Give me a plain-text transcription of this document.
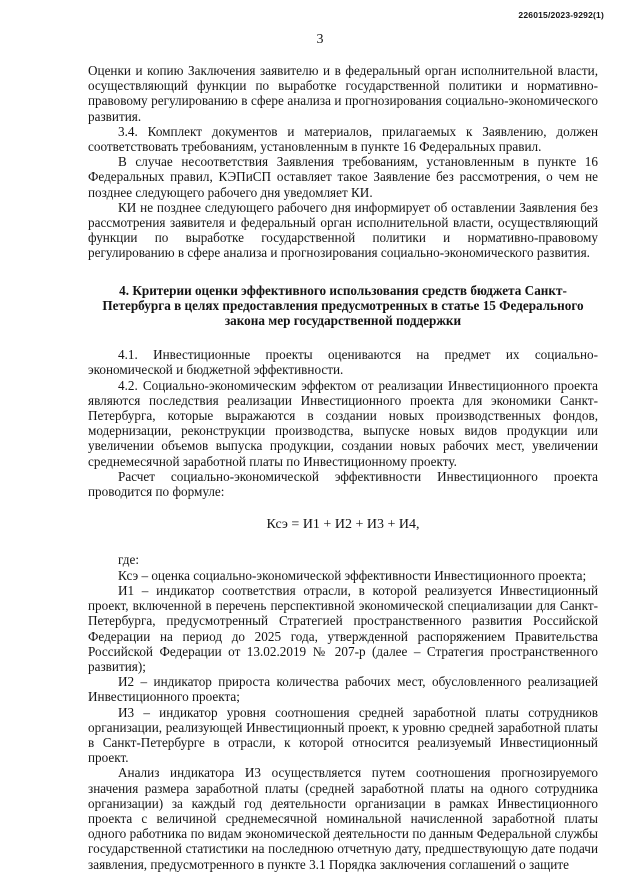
226015/2023-9292(1)
3

Оценки и копию Заключения заявителю и в федеральный орган исполнительной власти, осуществляющий функции по выработке государственной политики и нормативно-правовому регулированию в сфере анализа и прогнозирования социально-экономического развития.

3.4. Комплект документов и материалов, прилагаемых к Заявлению, должен соответствовать требованиям, установленным в пункте 16 Федеральных правил.

В случае несоответствия Заявления требованиям, установленным в пункте 16 Федеральных правил, КЭПиСП оставляет такое Заявление без рассмотрения, о чем не позднее следующего рабочего дня уведомляет КИ.

КИ не позднее следующего рабочего дня информирует об оставлении Заявления без рассмотрения заявителя и федеральный орган исполнительной власти, осуществляющий функции по выработке государственной политики и нормативно-правовому регулированию в сфере анализа и прогнозирования социально-экономического развития.

4. Критерии оценки эффективного использования средств бюджета Санкт-Петербурга в целях предоставления предусмотренных в статье 15 Федерального закона мер государственной поддержки

4.1. Инвестиционные проекты оцениваются на предмет их социально-экономической и бюджетной эффективности.

4.2. Социально-экономическим эффектом от реализации Инвестиционного проекта являются последствия реализации Инвестиционного проекта для экономики Санкт-Петербурга, которые выражаются в создании новых производственных фондов, модернизации, реконструкции производства, выпуске новых видов продукции или увеличении объемов выпуска продукции, создании новых рабочих мест, увеличении среднемесячной заработной платы по Инвестиционному проекту.

Расчет социально-экономической эффективности Инвестиционного проекта проводится по формуле:

Ксэ = И1 + И2 + И3 + И4,

где:

Ксэ – оценка социально-экономической эффективности Инвестиционного проекта;

И1 – индикатор соответствия отрасли, в которой реализуется Инвестиционный проект, включенной в перечень перспективной экономической специализации для Санкт-Петербурга, предусмотренный Стратегией пространственного развития Российской Федерации на период до 2025 года, утвержденной распоряжением Правительства Российской Федерации от 13.02.2019 № 207-р (далее – Стратегия пространственного развития);

И2 – индикатор прироста количества рабочих мест, обусловленного реализацией Инвестиционного проекта;

И3 – индикатор уровня соотношения средней заработной платы сотрудников организации, реализующей Инвестиционный проект, к уровню средней заработной платы в Санкт-Петербурге в отрасли, к которой относится реализуемый Инвестиционный проект.

Анализ индикатора И3 осуществляется путем соотношения прогнозируемого значения размера заработной платы (средней заработной платы на одного сотрудника организации) за каждый год деятельности организации в рамках Инвестиционного проекта с величиной среднемесячной номинальной начисленной заработной платы одного работника по видам экономической деятельности по данным Федеральной службы государственной статистики на последнюю отчетную дату, предшествующую дате подачи заявления, предусмотренного в пункте 3.1 Порядка заключения соглашений о защите
